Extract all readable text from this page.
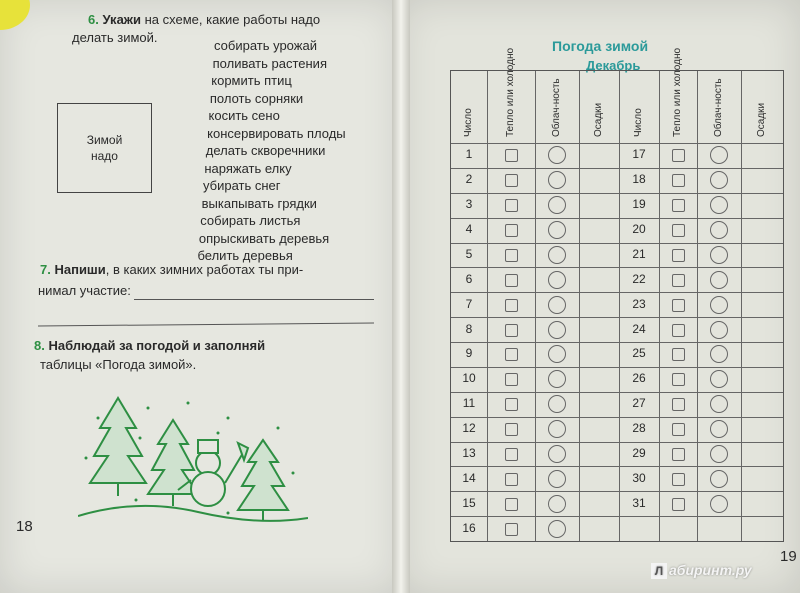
6. Укажи на схеме, какие работы надо
делать зимой.
Зимой
надо
собирать урожай
поливать растения
кормить птиц
полоть сорняки
косить сено
консервировать плоды
делать скворечники
наряжать елку
убирать снег
выкапывать грядки
собирать листья
опрыскивать деревья
белить деревья
7. Напиши, в каких зимних работах ты при-
нимал участие:
8. Наблюдай за погодой и заполняй
таблицы «Погода зимой».
18
Погода зимой
Декабрь
Число	Тепло или холодно	Облач-ность	Осадки	Число	Тепло или холодно	Облач-ность	Осадки
1	17
2	18
3	19
4	20
5	21
6	22
7	23
8	24
9	25
10	26
11	27
12	28
13	29
14	30
15	31
16
19
Л абиринт.ру
